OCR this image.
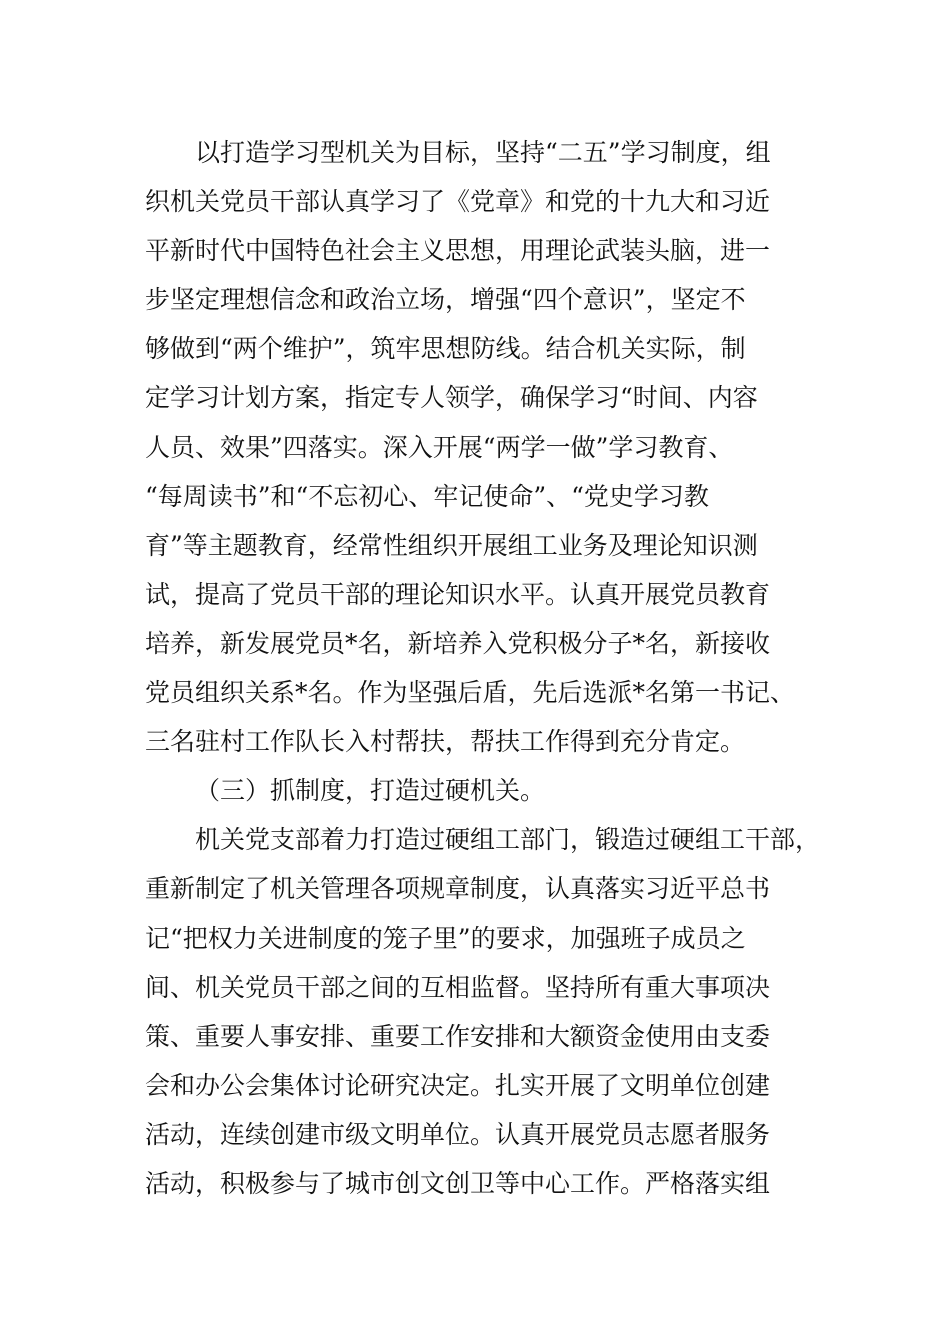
以打造学习型机关为目标，坚持“二五”学习制度，组
织机关党员干部认真学习了《党章》和党的十九大和习近
平新时代中国特色社会主义思想，用理论武装头脑，进一
步坚定理想信念和政治立场，增强“四个意识”，坚定不
够做到“两个维护”，筑牢思想防线。结合机关实际，制
定学习计划方案，指定专人领学，确保学习“时间、内容
人员、效果”四落实。深入开展“两学一做”学习教育、
“每周读书”和“不忘初心、牢记使命”、“党史学习教
育”等主题教育，经常性组织开展组工业务及理论知识测
试，提高了党员干部的理论知识水平。认真开展党员教育
培养，新发展党员*名，新培养入党积极分子*名，新接收
党员组织关系*名。作为坚强后盾，先后选派*名第一书记、
三名驻村工作队长入村帮扶，帮扶工作得到充分肯定。
（三）抓制度，打造过硬机关。
机关党支部着力打造过硬组工部门，锻造过硬组工干部，
重新制定了机关管理各项规章制度，认真落实习近平总书
记“把权力关进制度的笼子里”的要求，加强班子成员之
间、机关党员干部之间的互相监督。坚持所有重大事项决
策、重要人事安排、重要工作安排和大额资金使用由支委
会和办公会集体讨论研究决定。扎实开展了文明单位创建
活动，连续创建市级文明单位。认真开展党员志愿者服务
活动，积极参与了城市创文创卫等中心工作。严格落实组
